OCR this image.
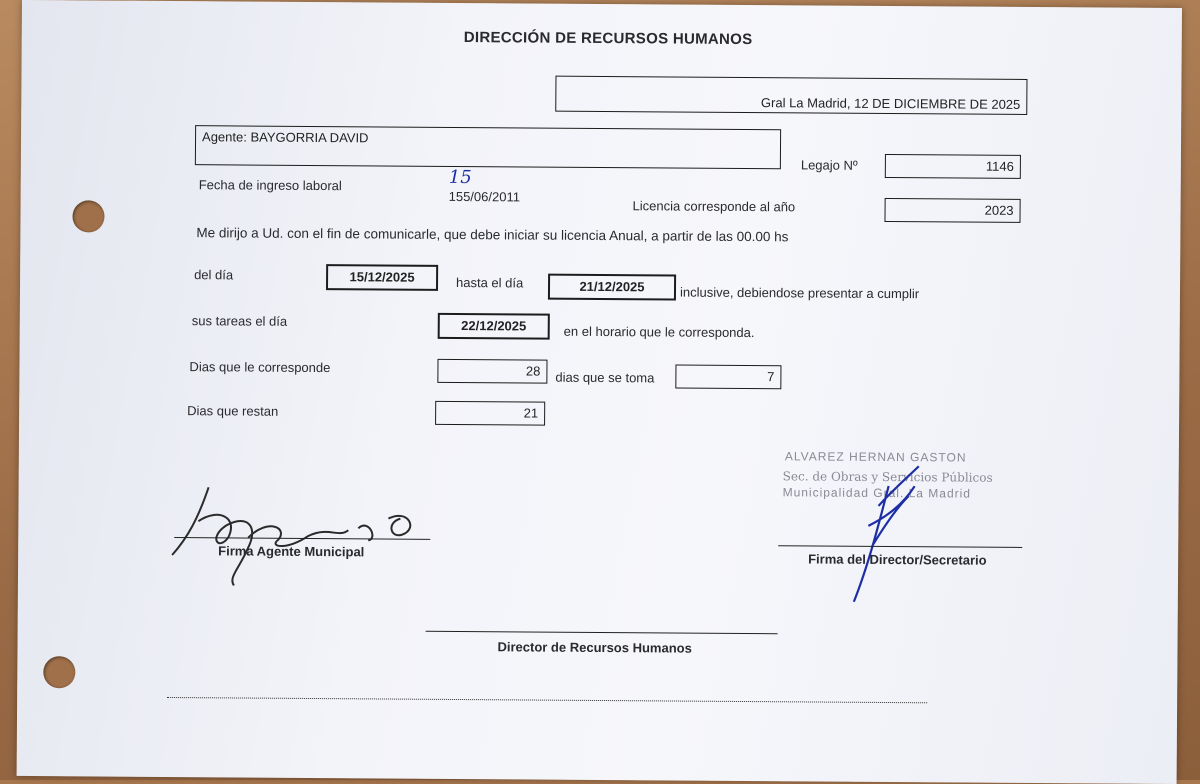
DIRECCIÓN DE RECURSOS HUMANOS
Gral La Madrid, 12 DE DICIEMBRE DE 2025
Agente: BAYGORRIA DAVID
Legajo Nº	1146
Fecha de ingreso laboral	15
155/06/2011
Licencia corresponde al año	2023
Me dirijo a Ud. con el fin de comunicarle, que debe iniciar su licencia Anual, a partir de las 00.00 hs
del día	15/12/2025	hasta el día	21/12/2025	inclusive, debiendose presentar a cumplir
sus tareas el día	22/12/2025	en el horario que le corresponda.
Dias que le corresponde	28	dias que se toma	7
Dias que restan	21
ALVAREZ HERNAN GASTON
Sec. de Obras y Servicios Públicos
Municipalidad Gral. La Madrid
Firma Agente Municipal
Firma del Director/Secretario
Director de Recursos Humanos
